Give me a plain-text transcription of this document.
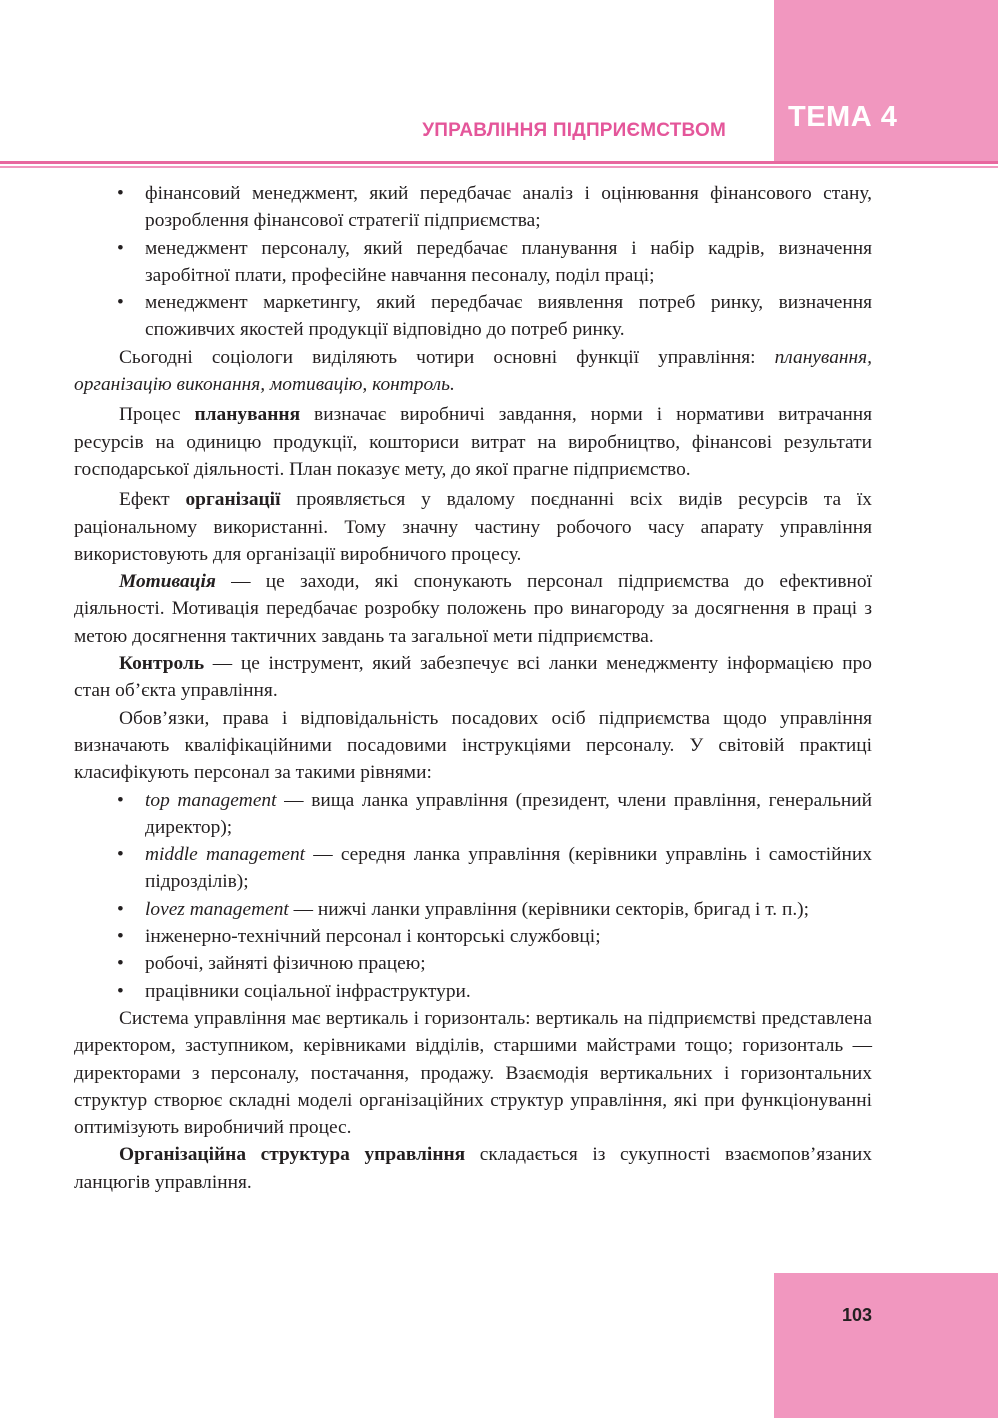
ТЕМА 4
УПРАВЛІННЯ ПІДПРИЄМСТВОМ
• фінансовий менеджмент, який передбачає аналіз і оцінювання фінансового стану, розроблення фінансової стратегії підприємства;
• менеджмент персоналу, який передбачає планування і набір кадрів, визначення заробітної плати, професійне навчання песоналу, поділ праці;
• менеджмент маркетингу, який передбачає виявлення потреб ринку, визначення споживчих якостей продукції відповідно до потреб ринку.

Сьогодні соціологи виділяють чотири основні функції управління: планування, організацію виконання, мотивацію, контроль.

Процес планування визначає виробничі завдання, норми і нормативи витрачання ресурсів на одиницю продукції, кошториси витрат на виробництво, фінансові результати господарської діяльності. План показує мету, до якої прагне підприємство.

Ефект організації проявляється у вдалому поєднанні всіх видів ресурсів та їх раціональному використанні. Тому значну частину робочого часу апарату управління використовують для організації виробничого процесу.

Мотивація — це заходи, які спонукають персонал підприємства до ефективної діяльності. Мотивація передбачає розробку положень про винагороду за досягнення в праці з метою досягнення тактичних завдань та загальної мети підприємства.

Контроль — це інструмент, який забезпечує всі ланки менеджменту інформацією про стан об’єкта управління.

Обов’язки, права і відповідальність посадових осіб підприємства щодо управління визначають кваліфікаційними посадовими інструкціями персоналу. У світовій практиці класифікують персонал за такими рівнями:

• top management — вища ланка управління (президент, члени правління, генеральний директор);
• middle management — середня ланка управління (керівники управлінь і самостійних підрозділів);
• lovez management — нижчі ланки управління (керівники секторів, бригад і т. п.);
• інженерно-технічний персонал і конторські службовці;
• робочі, зайняті фізичною працею;
• працівники соціальної інфраструктури.

Система управління має вертикаль і горизонталь: вертикаль на підприємстві представлена директором, заступником, керівниками відділів, старшими майстрами тощо; горизонталь — директорами з персоналу, постачання, продажу. Взаємодія вертикальних і горизонтальних структур створює складні моделі організаційних структур управління, які при функціонуванні оптимізують виробничий процес.

Організаційна структура управління складається із сукупності взаємопов’язаних ланцюгів управління.

103
